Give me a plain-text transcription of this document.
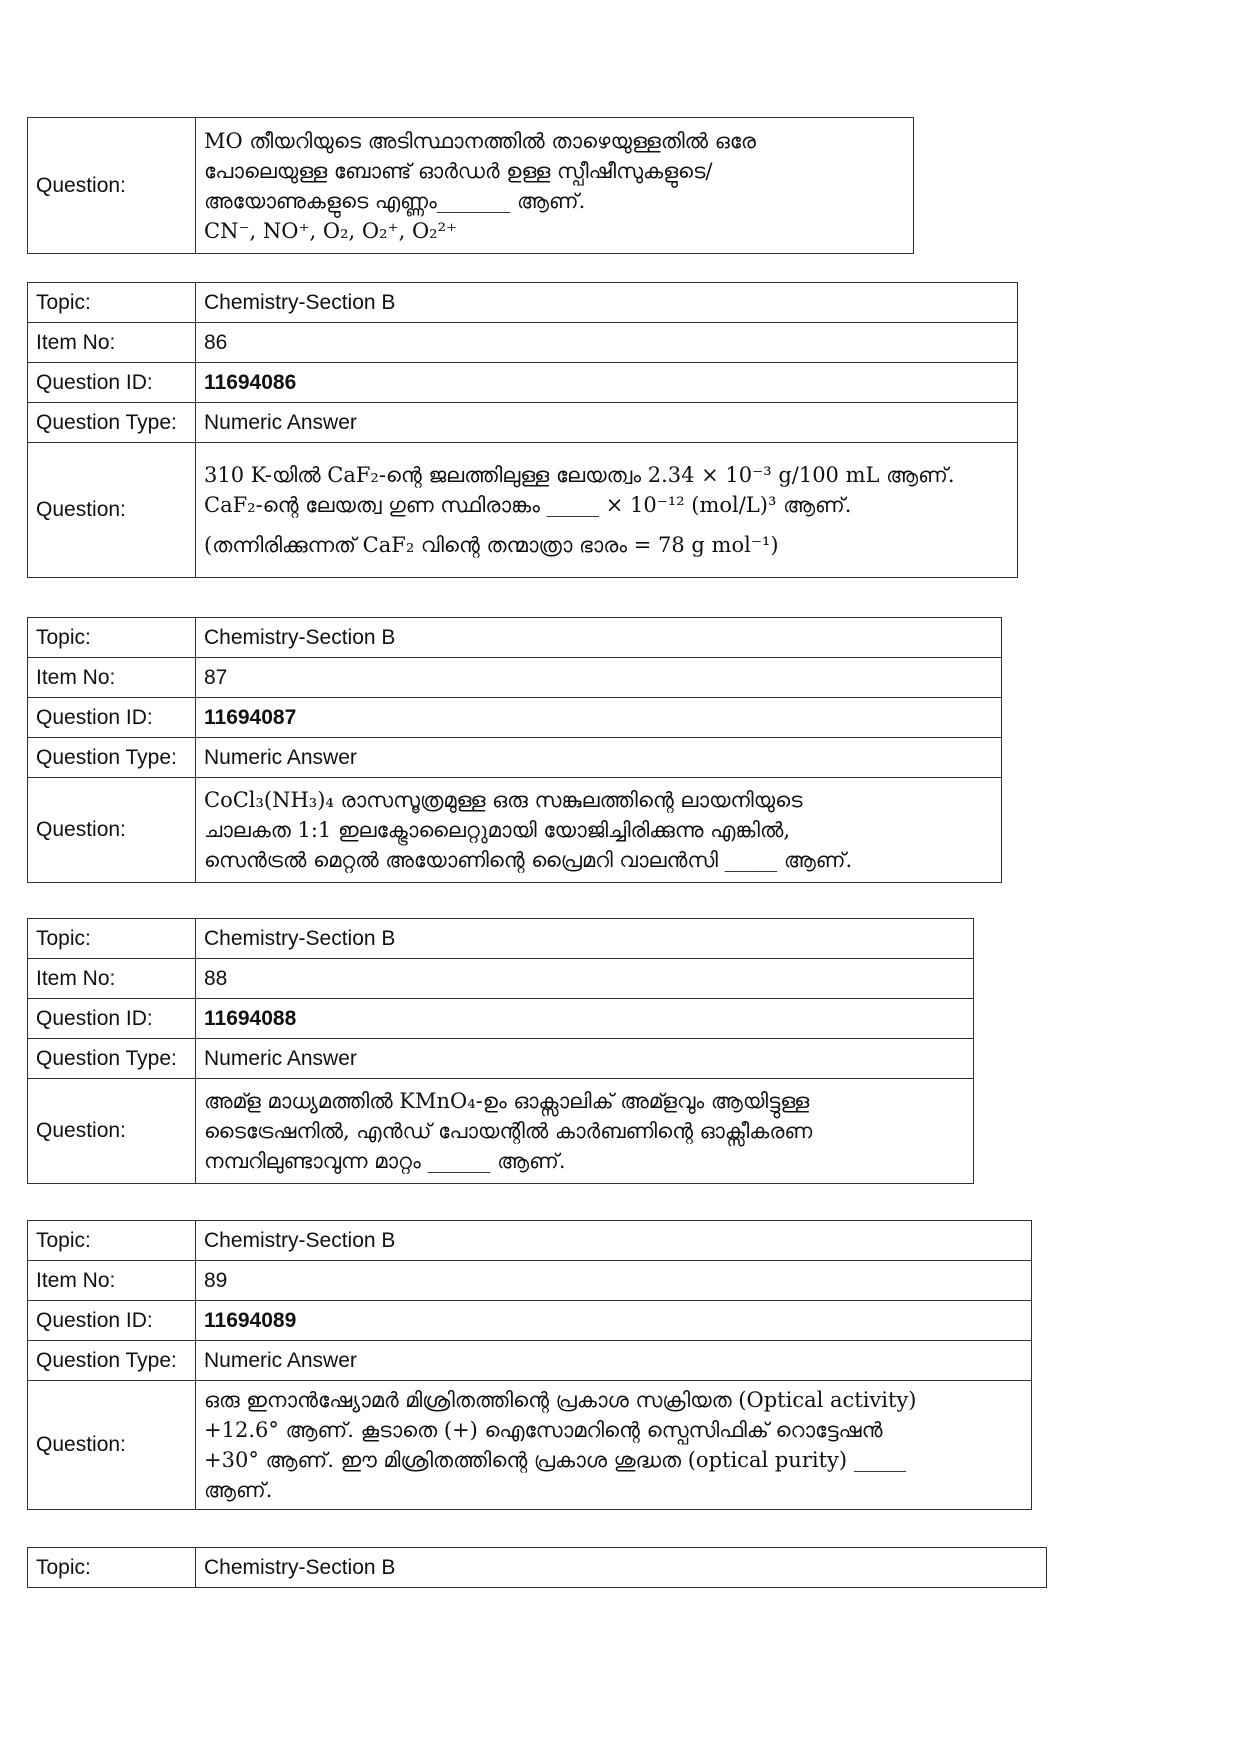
Question:	
MO തീയറിയുടെ അടിസ്ഥാനത്തിൽ താഴെയുള്ളതിൽ ഒരേ
പോലെയുള്ള ബോണ്ട് ഓർഡർ ഉള്ള സ്പീഷീസുകളുടെ/
അയോണുകളുടെ എണ്ണം_______ ആണ്.
CN⁻, NO⁺, O₂, O₂⁺, O₂²⁺
Topic:	Chemistry-Section B
Item No:	86
Question ID:	11694086
Question Type:	Numeric Answer
Question:	310 K-യിൽ CaF₂-ന്റെ ജലത്തിലുള്ള ലേയത്വം 2.34 × 10⁻³ g/100 mL ആണ്.
CaF₂-ന്റെ ലേയത്വ ഗുണ സ്ഥിരാങ്കം _____ × 10⁻¹² (mol/L)³ ആണ്.
(തന്നിരിക്കുന്നത് CaF₂ വിന്റെ തന്മാത്രാ ഭാരം = 78 g mol⁻¹)
Topic:	Chemistry-Section B
Item No:	87
Question ID:	11694087
Question Type:	Numeric Answer
Question:	CoCl₃(NH₃)₄ രാസസൂത്രമുള്ള ഒരു സങ്കുലത്തിന്റെ ലായനിയുടെ
ചാലകത 1:1 ഇലക്ട്രോലൈറ്റുമായി യോജിച്ചിരിക്കുന്നു എങ്കിൽ,
സെൻട്രൽ മെറ്റൽ അയോണിന്റെ പ്രൈമറി വാലൻസി _____ ആണ്.
Topic:	Chemistry-Section B
Item No:	88
Question ID:	11694088
Question Type:	Numeric Answer
Question:	അമ്ള മാധ്യമത്തിൽ KMnO₄-ഉം ഓക്സാലിക് അമ്ളവും ആയിട്ടുള്ള
ടൈട്രേഷനിൽ, എൻഡ് പോയന്റിൽ കാർബണിന്റെ ഓക്സീകരണ
നമ്പറിലുണ്ടാവുന്ന മാറ്റം ______ ആണ്.
Topic:	Chemistry-Section B
Item No:	89
Question ID:	11694089
Question Type:	Numeric Answer
Question:	ഒരു ഇനാൻഷ്യോമർ മിശ്രിതത്തിന്റെ പ്രകാശ സക്രിയത (Optical activity)
+12.6° ആണ്. കൂടാതെ (+) ഐസോമറിന്റെ സ്പെസിഫിക് റൊട്ടേഷൻ
+30° ആണ്. ഈ മിശ്രിതത്തിന്റെ പ്രകാശ ശുദ്ധത (optical purity) _____
ആണ്.
Topic:	Chemistry-Section B
